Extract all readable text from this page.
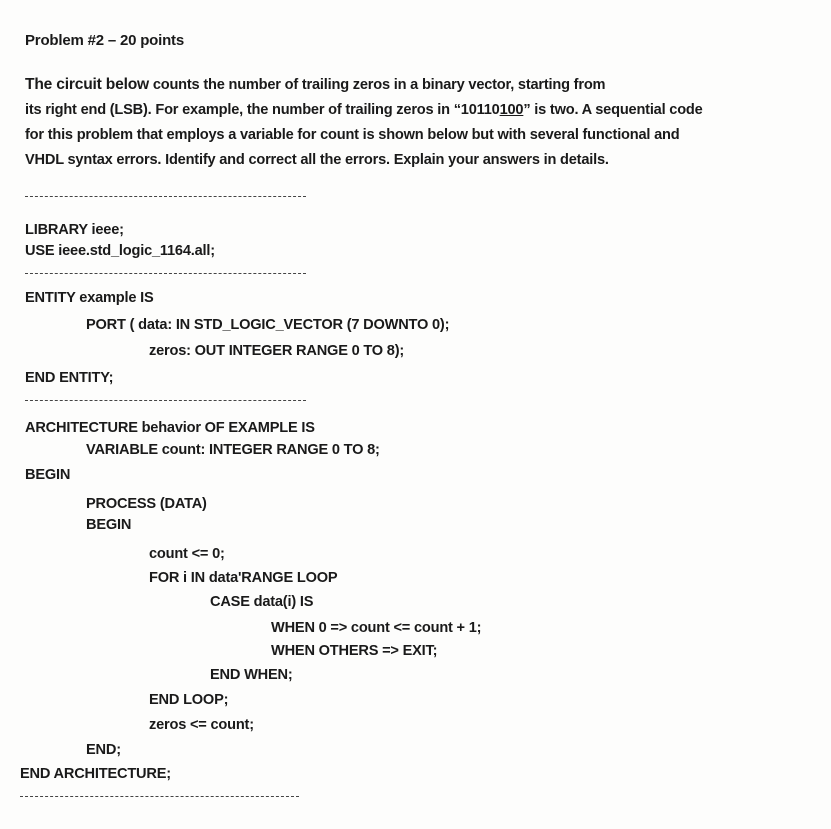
Problem #2 – 20 points
The circuit below counts the number of trailing zeros in a binary vector, starting from
its right end (LSB). For example, the number of trailing zeros in “10110100” is two. A sequential code
for this problem that employs a variable for count is shown below but with several functional and
VHDL syntax errors. Identify and correct all the errors. Explain your answers in details.
LIBRARY ieee;
USE ieee.std_logic_1164.all;
ENTITY example IS
PORT ( data: IN STD_LOGIC_VECTOR (7 DOWNTO 0);
zeros: OUT INTEGER RANGE 0 TO 8);
END ENTITY;
ARCHITECTURE behavior OF EXAMPLE IS
VARIABLE count: INTEGER RANGE 0 TO 8;
BEGIN
PROCESS (DATA)
BEGIN
count <= 0;
FOR i IN data'RANGE LOOP
CASE data(i) IS
WHEN 0 => count <= count + 1;
WHEN OTHERS => EXIT;
END WHEN;
END LOOP;
zeros <= count;
END;
END ARCHITECTURE;
